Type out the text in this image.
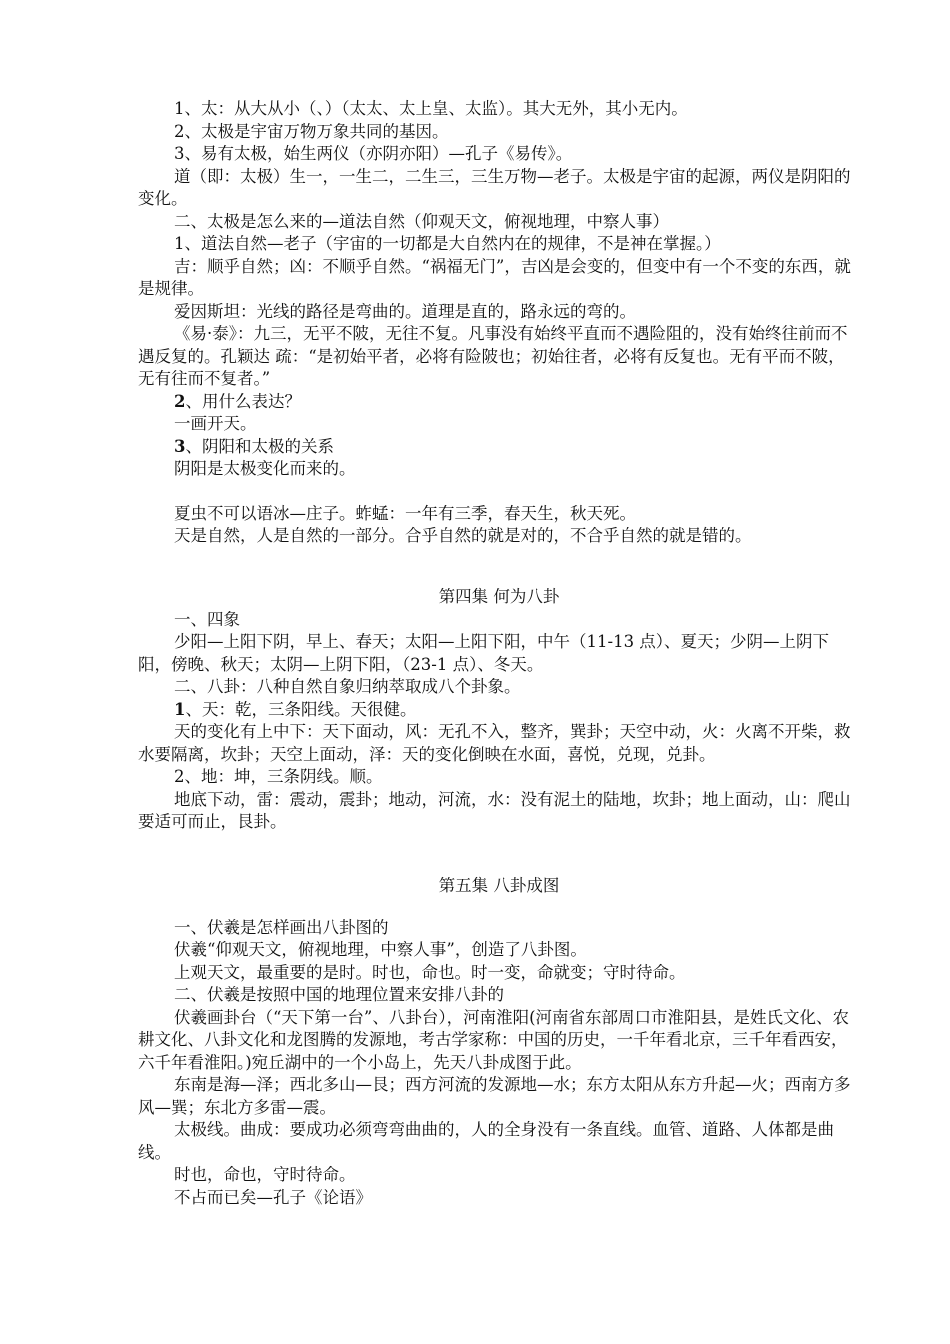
1、太：从大从小（、）（太太、太上皇、太监）。其大无外，其小无内。

2、太极是宇宙万物万象共同的基因。

3、易有太极，始生两仪（亦阴亦阳）—孔子《易传》。

道（即：太极）生一，一生二，二生三，三生万物—老子。太极是宇宙的起源，两仪是阴阳的变化。

二、太极是怎么来的—道法自然（仰观天文，俯视地理，中察人事）

1、道法自然—老子（宇宙的一切都是大自然内在的规律，不是神在掌握。）

吉：顺乎自然；凶：不顺乎自然。“祸福无门”，吉凶是会变的，但变中有一个不变的东西，就是规律。

爱因斯坦：光线的路径是弯曲的。道理是直的，路永远的弯的。

《易·泰》：九三，无平不陂，无往不复。凡事没有始终平直而不遇险阻的，没有始终往前而不遇反复的。孔颖达 疏：“是初始平者，必将有险陂也；初始往者，必将有反复也。无有平而不陂，无有往而不复者。”

2、用什么表达？

一画开天。

3、阴阳和太极的关系

阴阳是太极变化而来的。

夏虫不可以语冰—庄子。蚱蜢：一年有三季，春天生，秋天死。

天是自然，人是自然的一部分。合乎自然的就是对的，不合乎自然的就是错的。

第四集 何为八卦

一、四象

少阳—上阳下阴，早上、春天；太阳—上阳下阳，中午（11-13 点）、夏天；少阴—上阴下阳，傍晚、秋天；太阴—上阴下阳，（23-1 点）、冬天。

二、八卦：八种自然自象归纳萃取成八个卦象。

1、天：乾，三条阳线。天很健。

天的变化有上中下：天下面动，风：无孔不入，整齐，巽卦；天空中动，火：火离不开柴，救水要隔离，坎卦；天空上面动，泽：天的变化倒映在水面，喜悦，兑现，兑卦。

2、地：坤，三条阴线。顺。

地底下动，雷：震动，震卦；地动，河流，水：没有泥土的陆地，坎卦；地上面动，山：爬山要适可而止，艮卦。

第五集 八卦成图

一、伏羲是怎样画出八卦图的

伏羲“仰观天文，俯视地理，中察人事”，创造了八卦图。

上观天文，最重要的是时。时也，命也。时一变，命就变；守时待命。

二、伏羲是按照中国的地理位置来安排八卦的

伏羲画卦台（“天下第一台”、八卦台），河南淮阳(河南省东部周口市淮阳县，是姓氏文化、农耕文化、八卦文化和龙图腾的发源地，考古学家称：中国的历史，一千年看北京，三千年看西安，六千年看淮阳。)宛丘湖中的一个小岛上，先天八卦成图于此。

东南是海—泽；西北多山—艮；西方河流的发源地—水；东方太阳从东方升起—火；西南方多风—巽；东北方多雷—震。

太极线。曲成：要成功必须弯弯曲曲的，人的全身没有一条直线。血管、道路、人体都是曲线。

时也，命也，守时待命。

不占而已矣—孔子《论语》
